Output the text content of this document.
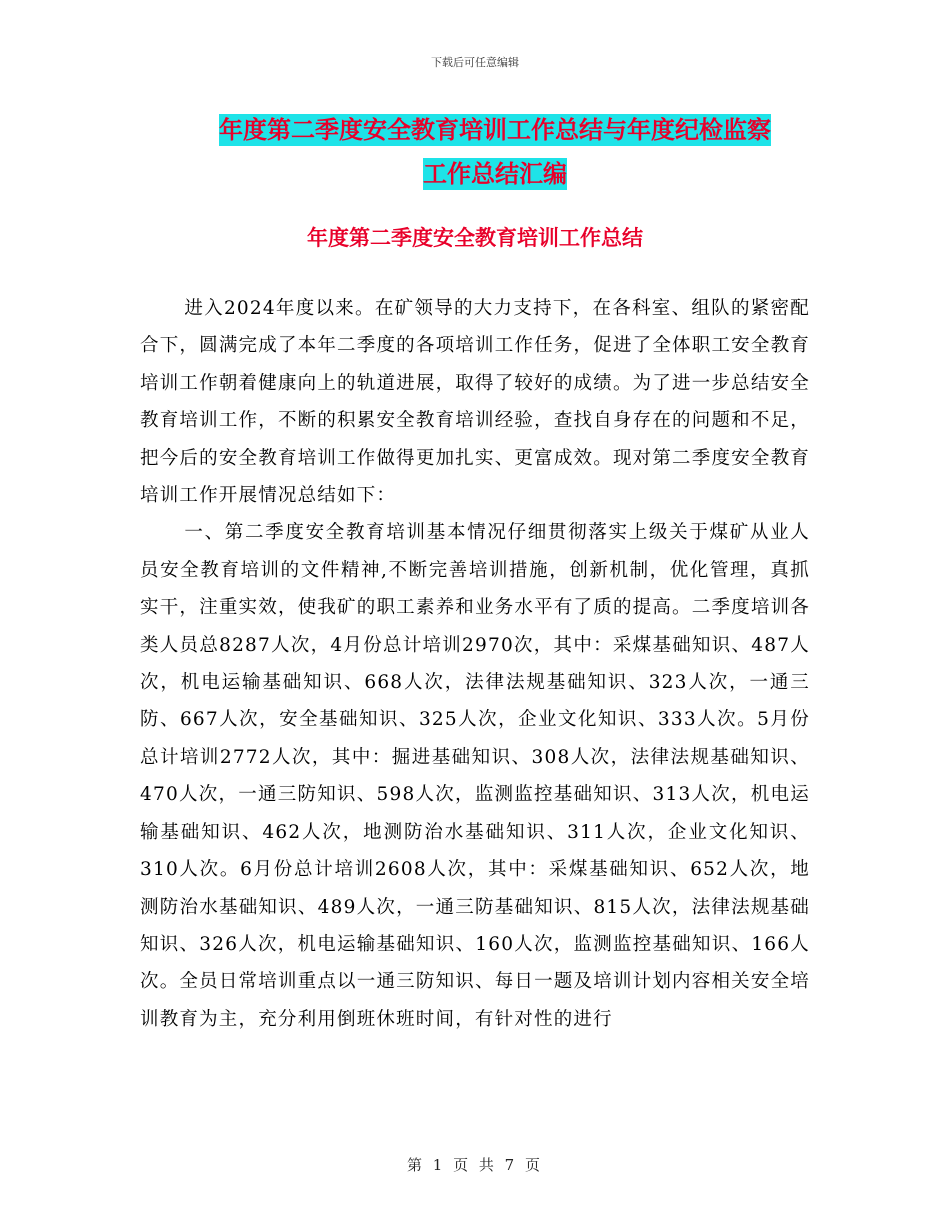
下载后可任意编辑
年度第二季度安全教育培训工作总结与年度纪检监察
工作总结汇编
年度第二季度安全教育培训工作总结

进入2024年度以来。在矿领导的大力支持下，在各科室、组队的紧密配合下，圆满完成了本年二季度的各项培训工作任务，促进了全体职工安全教育培训工作朝着健康向上的轨道进展，取得了较好的成绩。为了进一步总结安全教育培训工作，不断的积累安全教育培训经验，查找自身存在的问题和不足，把今后的安全教育培训工作做得更加扎实、更富成效。现对第二季度安全教育培训工作开展情况总结如下：

一、第二季度安全教育培训基本情况仔细贯彻落实上级关于煤矿从业人员安全教育培训的文件精神,不断完善培训措施，创新机制，优化管理，真抓实干，注重实效，使我矿的职工素养和业务水平有了质的提高。二季度培训各类人员总8287人次，4月份总计培训2970次，其中：采煤基础知识、487人次，机电运输基础知识、668人次，法律法规基础知识、323人次，一通三防、667人次，安全基础知识、325人次，企业文化知识、333人次。5月份总计培训2772人次，其中：掘进基础知识、308人次，法律法规基础知识、470人次，一通三防知识、598人次，监测监控基础知识、313人次，机电运输基础知识、462人次，地测防治水基础知识、311人次，企业文化知识、310人次。6月份总计培训2608人次，其中：采煤基础知识、652人次，地测防治水基础知识、489人次，一通三防基础知识、815人次，法律法规基础知识、326人次，机电运输基础知识、160人次，监测监控基础知识、166人次。全员日常培训重点以一通三防知识、每日一题及培训计划内容相关安全培训教育为主，充分利用倒班休班时间，有针对性的进行

第 1 页 共 7 页
